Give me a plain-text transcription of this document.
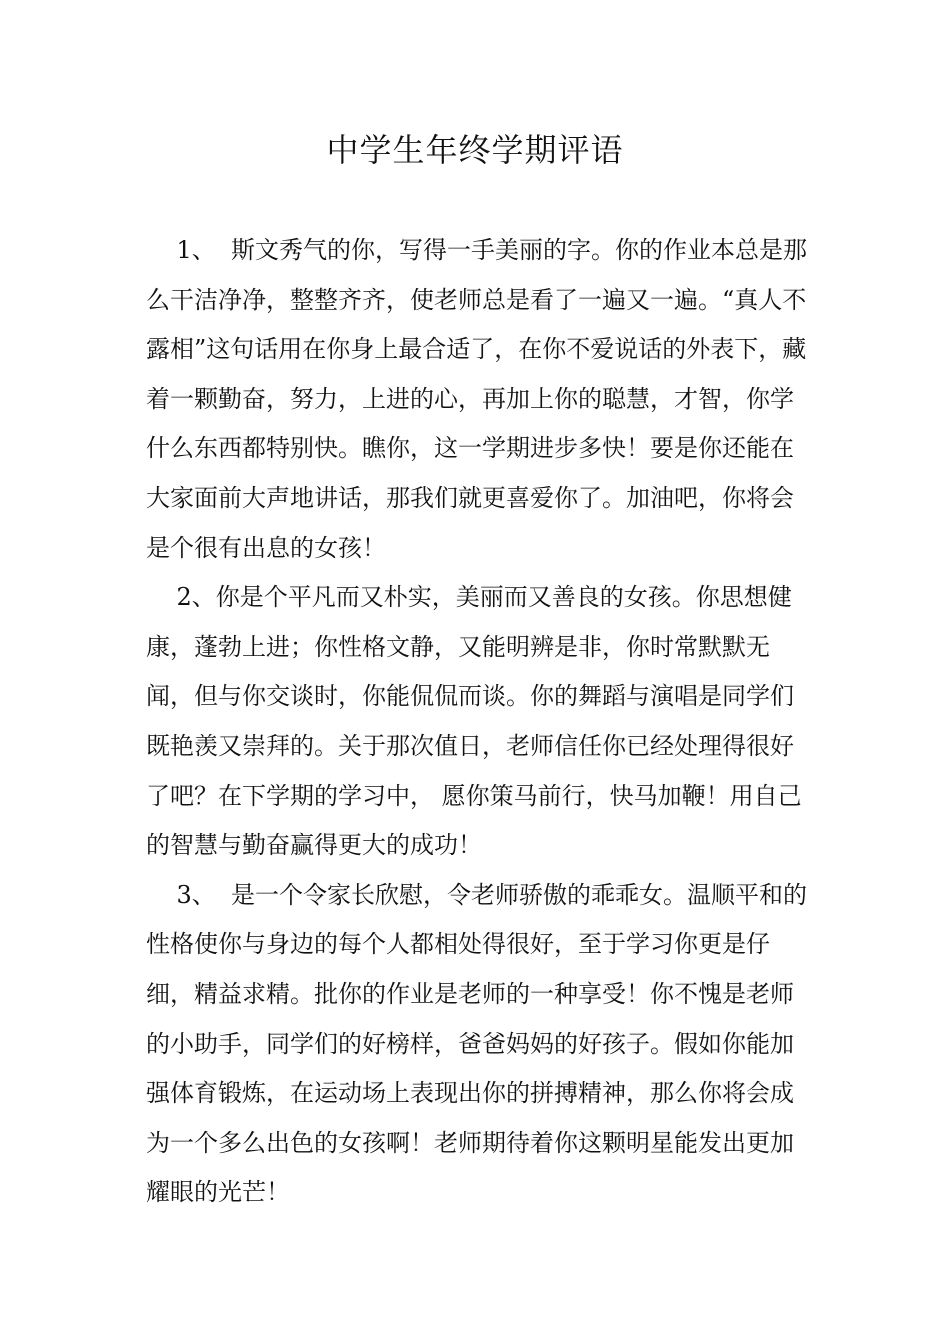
中学生年终学期评语

1、  斯文秀气的你，写得一手美丽的字。你的作业本总是那么干洁净净，整整齐齐，使老师总是看了一遍又一遍。“真人不露相”这句话用在你身上最合适了，在你不爱说话的外表下，藏着一颗勤奋，努力，上进的心，再加上你的聪慧，才智，你学什么东西都特别快。瞧你，这一学期进步多快！要是你还能在大家面前大声地讲话，那我们就更喜爱你了。加油吧，你将会是个很有出息的女孩！

2、你是个平凡而又朴实，美丽而又善良的女孩。你思想健康，蓬勃上进；你性格文静，又能明辨是非，你时常默默无闻，但与你交谈时，你能侃侃而谈。你的舞蹈与演唱是同学们既艳羡又崇拜的。关于那次值日，老师信任你已经处理得很好了吧？在下学期的学习中， 愿你策马前行，快马加鞭！用自己的智慧与勤奋赢得更大的成功！

3、  是一个令家长欣慰，令老师骄傲的乖乖女。温顺平和的性格使你与身边的每个人都相处得很好，至于学习你更是仔细，精益求精。批你的作业是老师的一种享受！你不愧是老师的小助手，同学们的好榜样，爸爸妈妈的好孩子。假如你能加强体育锻炼，在运动场上表现出你的拼搏精神，那么你将会成为一个多么出色的女孩啊！老师期待着你这颗明星能发出更加耀眼的光芒！
